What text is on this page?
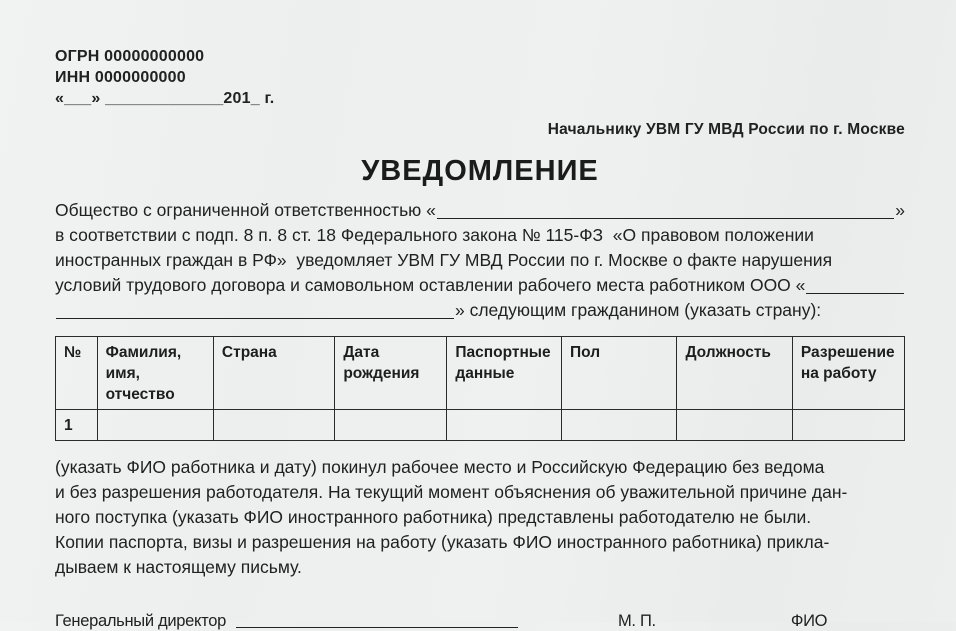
ОГРН 00000000000
ИНН 0000000000
«___» _____________201_ г.
Начальнику УВМ ГУ МВД России по г. Москве
УВЕДОМЛЕНИЕ
Общество с ограниченной ответственностью «	»
в соответствии с подп. 8 п. 8 ст. 18 Федерального закона № 115-ФЗ  «О правовом положении
иностранных граждан в РФ»  уведомляет УВМ ГУ МВД России по г. Москве о факте нарушения
условий трудового договора и самовольном оставлении рабочего места работником ООО «
» следующим гражданином (указать страну):
№	Фамилия, имя, отчество	Страна	Дата рождения	Паспортные данные	Пол	Должность	Разрешение на работу
1							
(указать ФИО работника и дату) покинул рабочее место и Российскую Федерацию без ведома
и без разрешения работодателя. На текущий момент объяснения об уважительной причине дан-
ного поступка (указать ФИО иностранного работника) представлены работодателю не были.
Копии паспорта, визы и разрешения на работу (указать ФИО иностранного работника) прикла-
дываем к настоящему письму.
Генеральный директор	М. П.	ФИО
